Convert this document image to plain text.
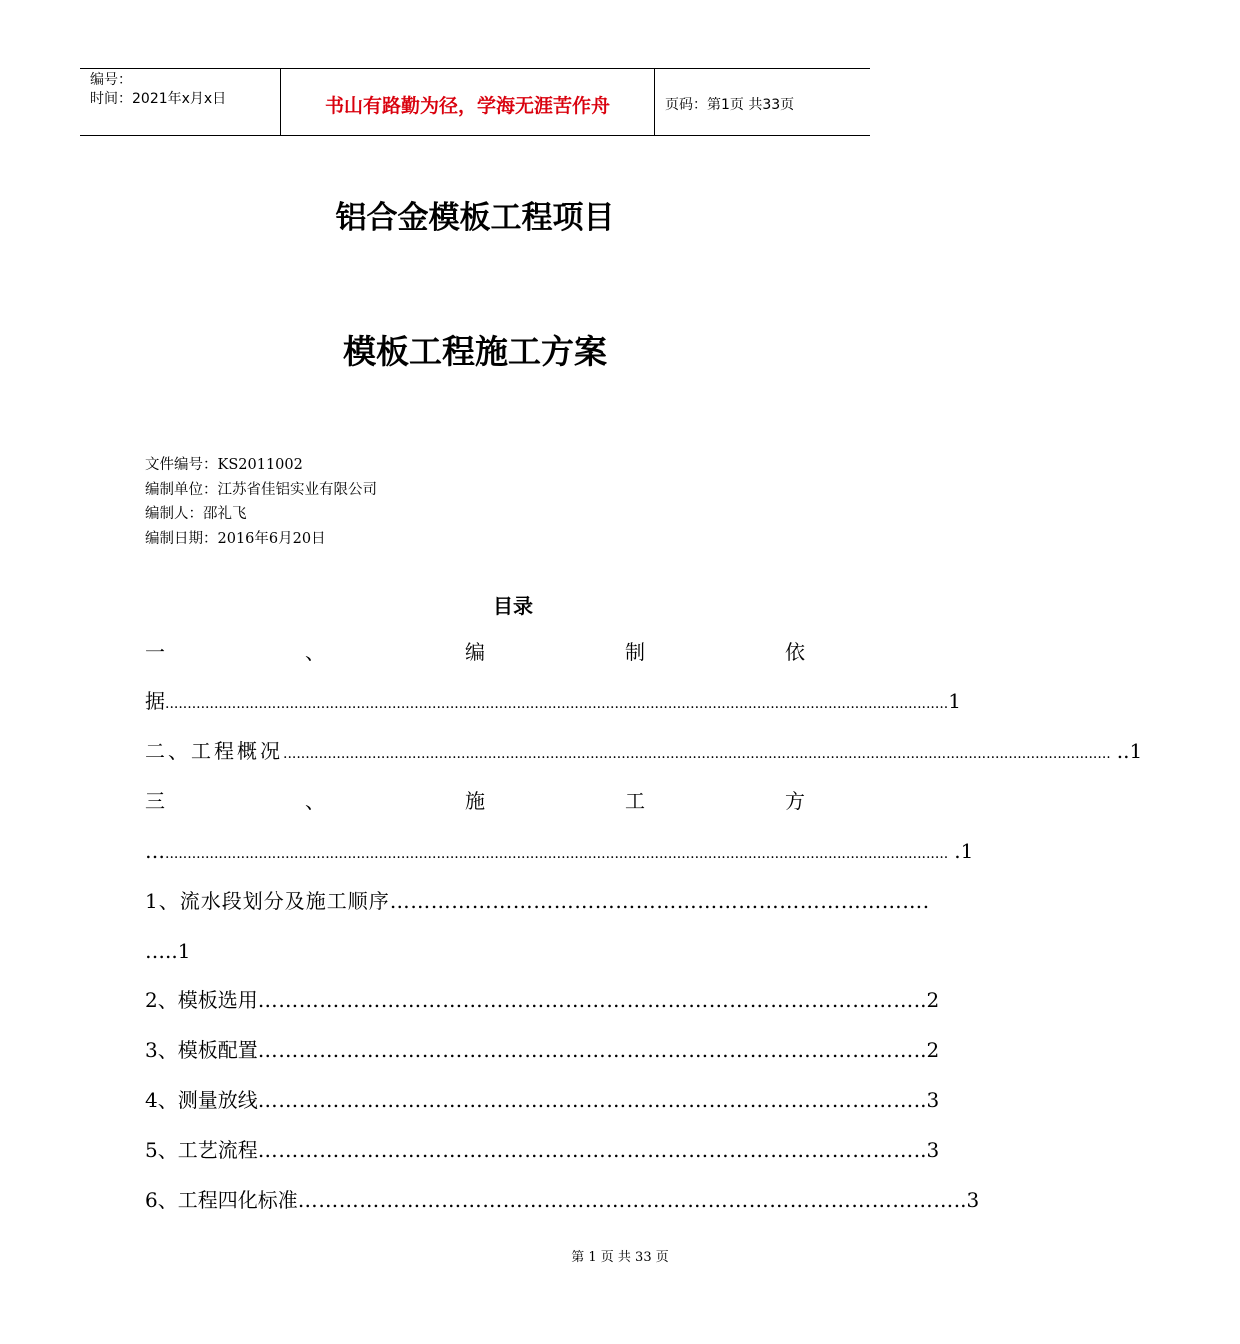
编号：
时间：2021年x月x日	书山有路勤为径，学海无涯苦作舟	页码：第1页 共33页
铝合金模板工程项目
模板工程施工方案
文件编号：KS2011002
编制单位：江苏省佳铝实业有限公司
编制人：邵礼飞
编制日期：2016年6月20日
目录
一	、	编	制	依
据 ................................................................................................................................................................................ 1
二、工程概况 .......................................................................................................................................................................................... ..1
三	、	施	工	方
… ................................................................................................................................................................................ .1
1、流水段划分及施工顺序 …………………………………………………………………… .
…..1
2、模板选用 …………………………………………………………………………………… ..2
3、模板配置 …………………………………………………………………………………… ..2
4、测量放线 …………………………………………………………………………………… ..3
5、工艺流程 …………………………………………………………………………………… ..3
6、工程四化标准 …………………………………………………………………………………… ..3
第 1 页 共 33 页
